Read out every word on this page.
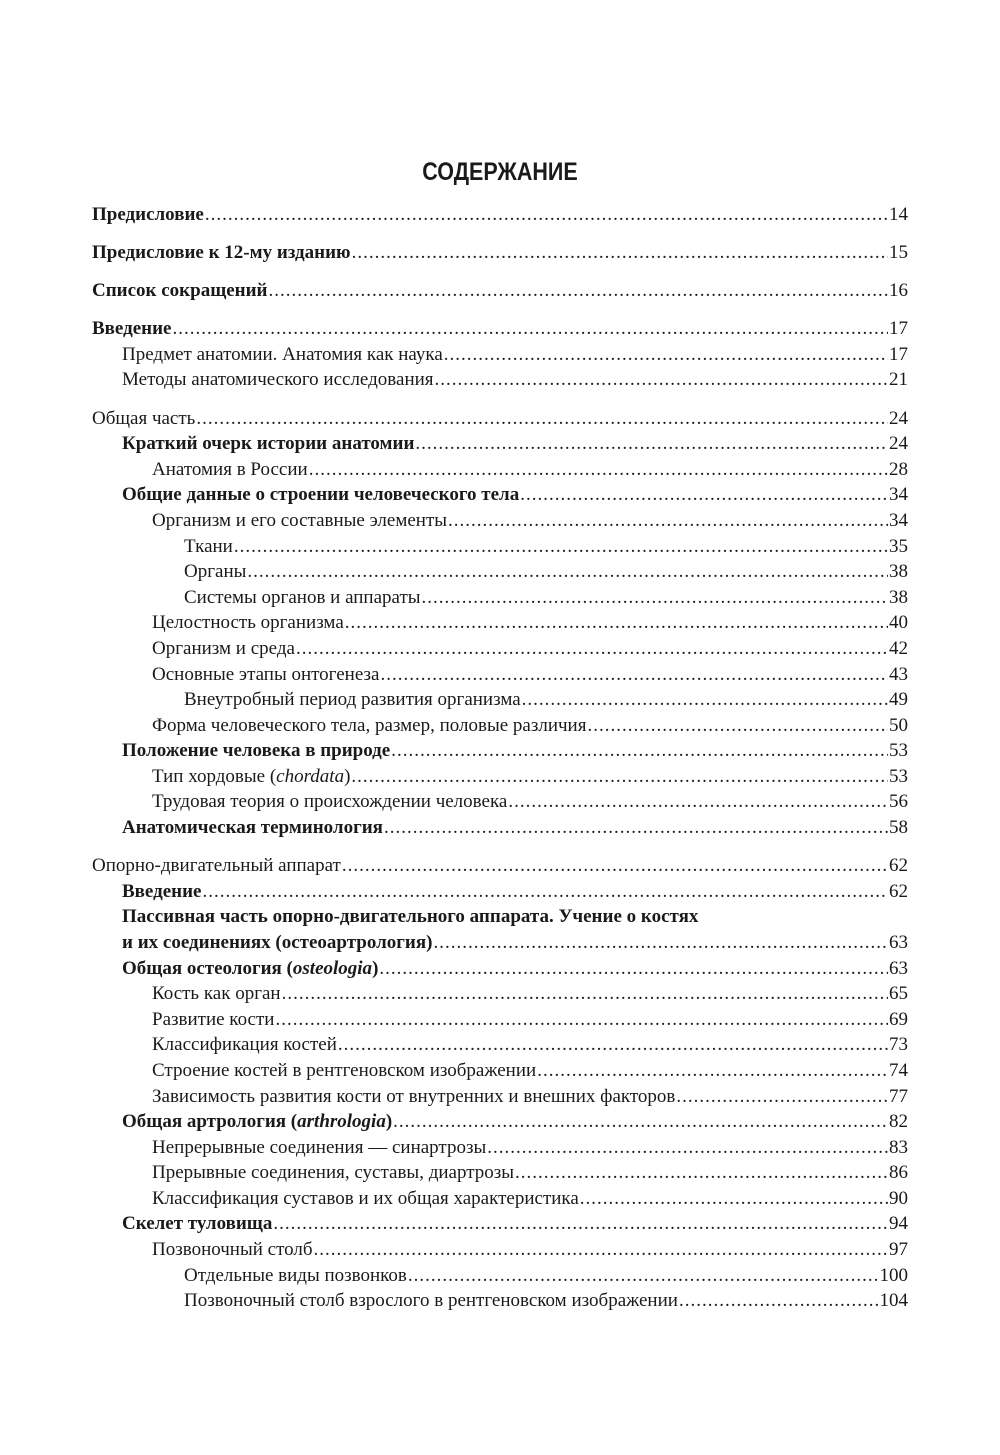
СОДЕРЖАНИЕ
Предисловие .....	14
Предисловие к 12-му изданию .....	15
Список сокращений .....	16
Введение .....	17
Предмет анатомии. Анатомия как наука .....	17
Методы анатомического исследования .....	21
Общая часть .....	24
Краткий очерк истории анатомии .....	24
Анатомия в России .....	28
Общие данные о строении человеческого тела .....	34
Организм и его составные элементы .....	34
Ткани .....	35
Органы .....	38
Системы органов и аппараты .....	38
Целостность организма .....	40
Организм и среда .....	42
Основные этапы онтогенеза .....	43
Внеутробный период развития организма .....	49
Форма человеческого тела, размер, половые различия .....	50
Положение человека в природе .....	53
Тип хордовые (chordata) .....	53
Трудовая теория о происхождении человека .....	56
Анатомическая терминология .....	58
Опорно-двигательный аппарат .....	62
Введение .....	62
Пассивная часть опорно-двигательного аппарата. Учение о костях
и их соединениях (остеоартрология) .....	63
Общая остеология (osteologia) .....	63
Кость как орган .....	65
Развитие кости .....	69
Классификация костей .....	73
Строение костей в рентгеновском изображении .....	74
Зависимость развития кости от внутренних и внешних факторов .....	77
Общая артрология (arthrologia) .....	82
Непрерывные соединения — синартрозы .....	83
Прерывные соединения, суставы, диартрозы .....	86
Классификация суставов и их общая характеристика .....	90
Скелет туловища .....	94
Позвоночный столб .....	97
Отдельные виды позвонков .....	100
Позвоночный столб взрослого в рентгеновском изображении .....	104
